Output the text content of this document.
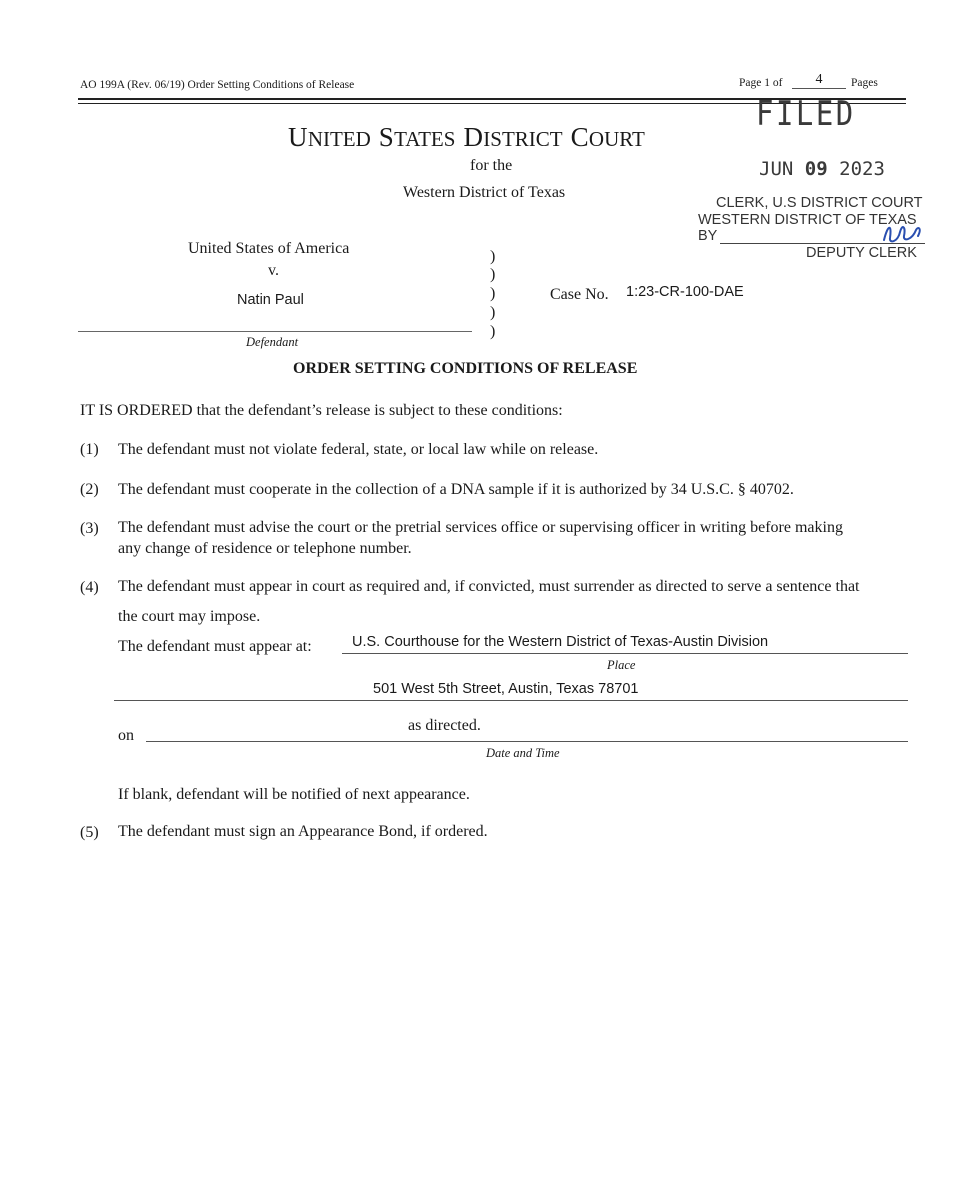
AO 199A (Rev. 06/19) Order Setting Conditions of Release	Page 1 of	4	Pages
UNITED STATES DISTRICT COURT
for the
Western District of Texas
FILED
JUN 09 2023
CLERK, U.S DISTRICT COURT
WESTERN DISTRICT OF TEXAS
BY
DEPUTY CLERK
United States of America
v.
Natin Paul
Defendant
)
)
)
)
)
Case No. 1:23-CR-100-DAE
ORDER SETTING CONDITIONS OF RELEASE
IT IS ORDERED that the defendant’s release is subject to these conditions:
(1) The defendant must not violate federal, state, or local law while on release.
(2) The defendant must cooperate in the collection of a DNA sample if it is authorized by 34 U.S.C. § 40702.
(3) The defendant must advise the court or the pretrial services office or supervising officer in writing before making
any change of residence or telephone number.
(4) The defendant must appear in court as required and, if convicted, must surrender as directed to serve a sentence that
the court may impose.
The defendant must appear at:	U.S. Courthouse for the Western District of Texas-Austin Division
Place
501 West 5th Street, Austin, Texas 78701
on
as directed.
Date and Time
If blank, defendant will be notified of next appearance.
(5) The defendant must sign an Appearance Bond, if ordered.
